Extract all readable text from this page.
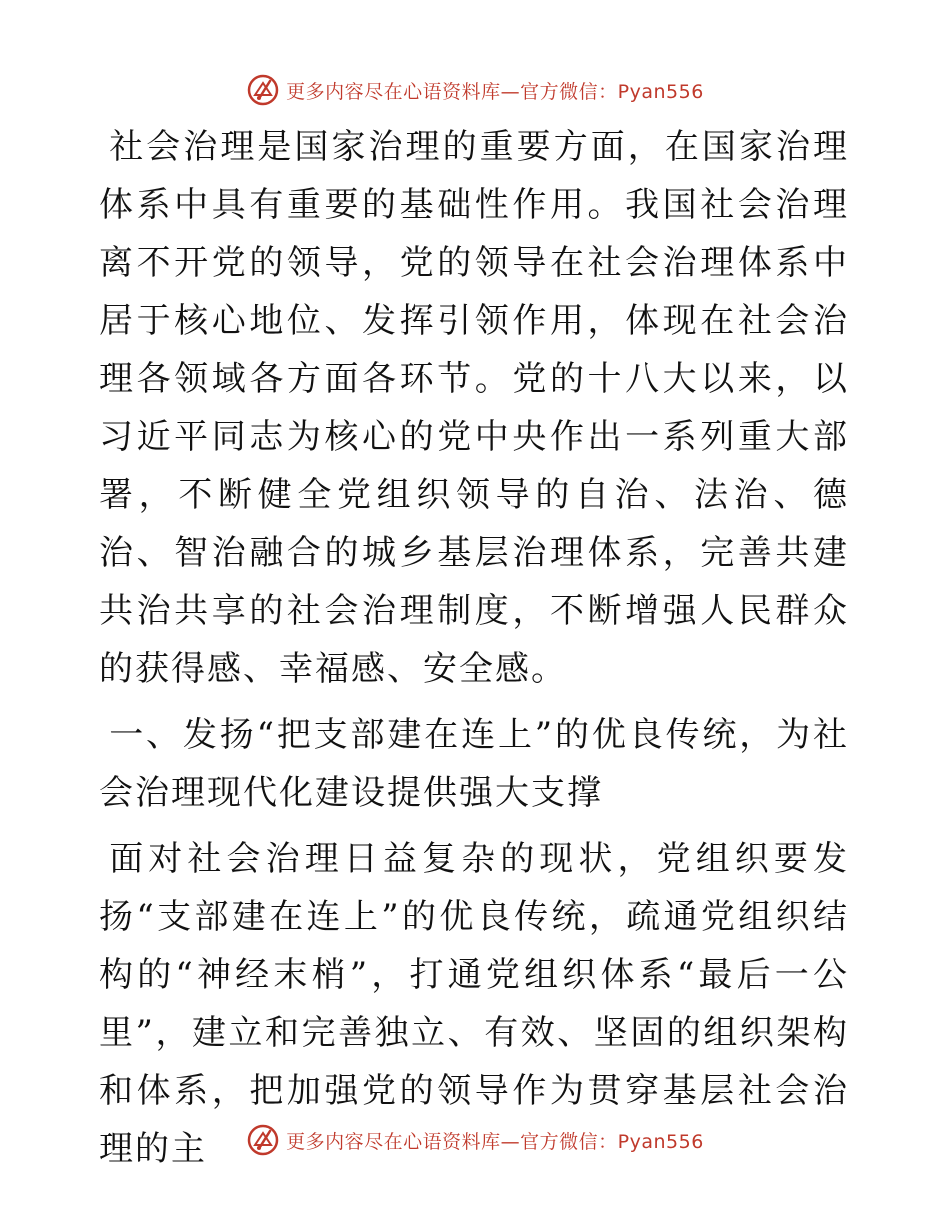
更多内容尽在心语资料库—官方微信：Pyan556

社会治理是国家治理的重要方面，在国家治理体系中具有重要的基础性作用。我国社会治理离不开党的领导，党的领导在社会治理体系中居于核心地位、发挥引领作用，体现在社会治理各领域各方面各环节。党的十八大以来，以习近平同志为核心的党中央作出一系列重大部署，不断健全党组织领导的自治、法治、德治、智治融合的城乡基层治理体系，完善共建共治共享的社会治理制度，不断增强人民群众的获得感、幸福感、安全感。

一、发扬“把支部建在连上”的优良传统，为社会治理现代化建设提供强大支撑

面对社会治理日益复杂的现状，党组织要发扬“支部建在连上”的优良传统，疏通党组织结构的“神经末梢”，打通党组织体系“最后一公里”，建立和完善独立、有效、坚固的组织架构和体系，把加强党的领导作为贯穿基层社会治理的主	更多内容尽在心语资料库—官方微信：Pyan556
